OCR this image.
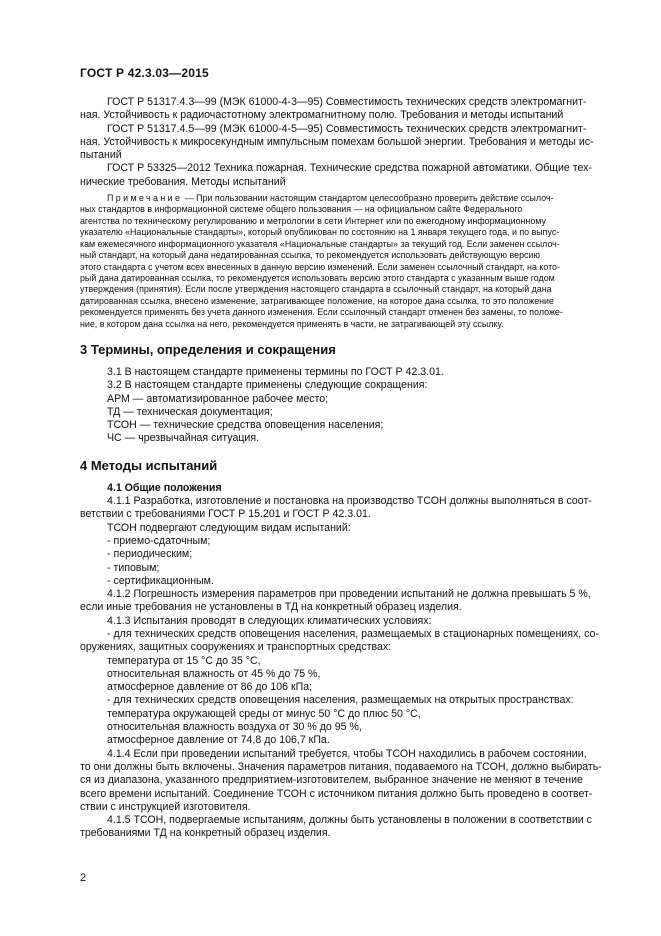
ГОСТ Р 42.3.03—2015

ГОСТ Р 51317.4.3—99 (МЭК 61000-4-3—95) Совместимость технических средств электромагнит-

ная. Устойчивость к радиочастотному электромагнитному полю. Требования и методы испытаний

ГОСТ Р 51317.4.5—99 (МЭК 61000-4-5—95) Совместимость технических средств электромагнит-

ная. Устойчивость к микросекундным импульсным помехам большой энергии. Требования и методы ис-

пытаний

ГОСТ Р 53325—2012 Техника пожарная. Технические средства пожарной автоматики. Общие тех-

нические требования. Методы испытаний

Примечание — При пользовании настоящим стандартом целесообразно проверить действие ссылоч-

ных стандартов в информационной системе общего пользования — на официальном сайте Федерального

агентства по техническому регулированию и метрологии в сети Интернет или по ежегодному информационному

указателю «Национальные стандарты», который опубликован по состоянию на 1 января текущего года, и по выпус-

кам ежемесячного информационного указателя «Национальные стандарты» за текущий год. Если заменен ссылоч-

ный стандарт, на который дана недатированная ссылка, то рекомендуется использовать действующую версию

этого стандарта с учетом всех внесенных в данную версию изменений. Если заменен ссылочный стандарт, на кото-

рый дана датированная ссылка, то рекомендуется использовать версию этого стандарта с указанным выше годом

утверждения (принятия). Если после утверждения настоящего стандарта в ссылочный стандарт, на который дана

датированная ссылка, внесено изменение, затрагивающее положение, на которое дана ссылка, то это положение

рекомендуется применять без учета данного изменения. Если ссылочный стандарт отменен без замены, то положе-

ние, в котором дана ссылка на него, рекомендуется применять в части, не затрагивающей эту ссылку.

3 Термины, определения и сокращения

3.1 В настоящем стандарте применены термины по ГОСТ Р 42.3.01.

3.2 В настоящем стандарте применены следующие сокращения:

АРМ — автоматизированное рабочее место;

ТД — техническая документация;

ТСОН — технические средства оповещения населения;

ЧС — чрезвычайная ситуация.

4 Методы испытаний

4.1 Общие положения

4.1.1 Разработка, изготовление и постановка на производство ТСОН должны выполняться в соот-

ветствии с требованиями ГОСТ Р 15.201 и ГОСТ Р 42.3.01.

ТСОН подвергают следующим видам испытаний:

- приемо-сдаточным;

- периодическим;

- типовым;

- сертификационным.

4.1.2 Погрешность измерения параметров при проведении испытаний не должна превышать 5 %,

если иные требования не установлены в ТД на конкретный образец изделия.

4.1.3 Испытания проводят в следующих климатических условиях:

- для технических средств оповещения населения, размещаемых в стационарных помещениях, со-

оружениях, защитных сооружениях и транспортных средствах:

температура от 15 °С до 35 °С,

относительная влажность от 45 % до 75 %,

атмосферное давление от 86 до 106 кПа;

- для технических средств оповещения населения, размещаемых на открытых пространствах:

температура окружающей среды от минус 50 °С до плюс 50 °С,

относительная влажность воздуха от 30 % до 95 %,

атмосферное давление от 74,8 до 106,7 кПа.

4.1.4 Если при проведении испытаний требуется, чтобы ТСОН находились в рабочем состоянии,

то они должны быть включены. Значения параметров питания, подаваемого на ТСОН, должно выбирать-

ся из диапазона, указанного предприятием-изготовителем, выбранное значение не меняют в течение

всего времени испытаний. Соединение ТСОН с источником питания должно быть проведено в соответ-

ствии с инструкцией изготовителя.

4.1.5 ТСОН, подвергаемые испытаниям, должны быть установлены в положении в соответствии с

требованиями ТД на конкретный образец изделия.

2
